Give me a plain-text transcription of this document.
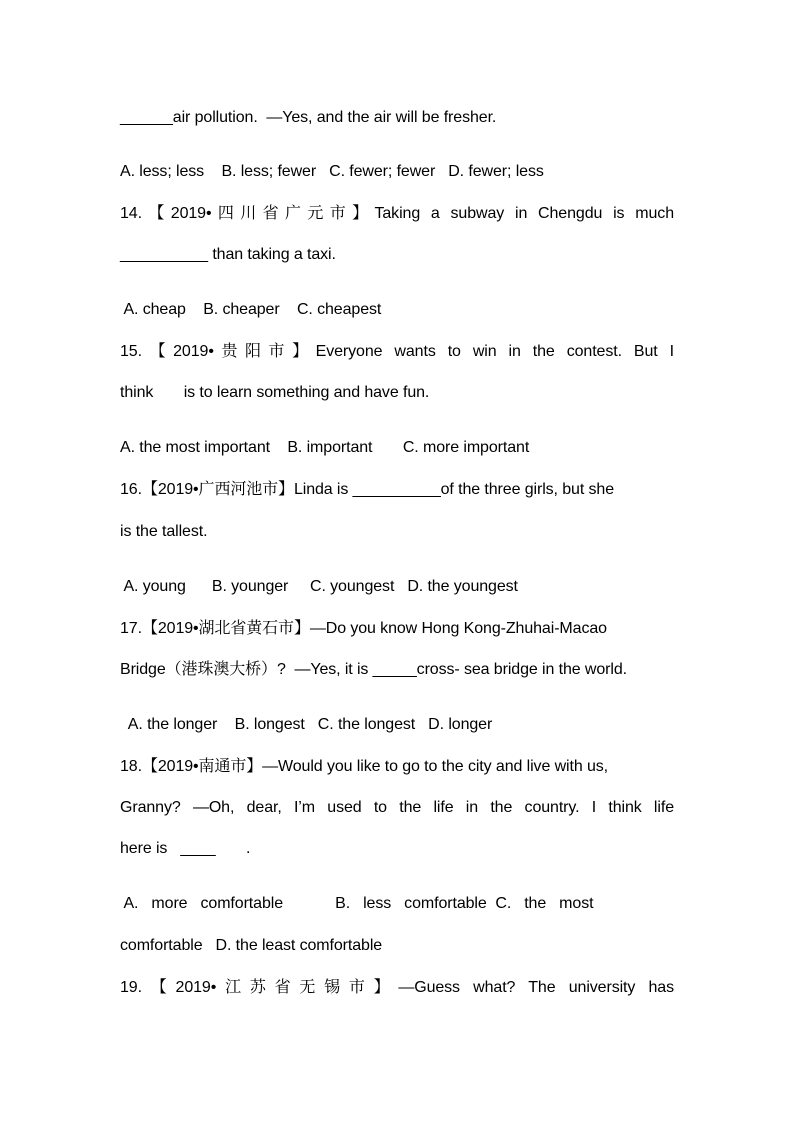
______air pollution.  —Yes, and the air will be fresher.
A. less; less    B. less; fewer   C. fewer; fewer   D. fewer; less
14.【2019•四川省广元市】Taking a subway in Chengdu is much
__________ than taking a taxi.
A. cheap    B. cheaper    C. cheapest
15.【2019•贵阳市】Everyone wants to win in the contest. But I
think       is to learn something and have fun.
A. the most important    B. important       C. more important
16.【2019•广西河池市】Linda is __________of the three girls, but she
is the tallest.
A. young      B. younger     C. youngest   D. the youngest
17.【2019•湖北省黄石市】—Do you know Hong Kong-Zhuhai-Macao
Bridge（港珠澳大桥）?  —Yes, it is _____cross- sea bridge in the world.
A. the longer    B. longest   C. the longest   D. longer
18.【2019•南通市】—Would you like to go to the city and live with us,
Granny? —Oh, dear, I’m used to the life in the country. I think life
here is   ____       .
A.   more   comfortable            B.   less   comfortable  C.   the   most
comfortable   D. the least comfortable
19.【2019•江苏省无锡市】—Guess what? The university has
